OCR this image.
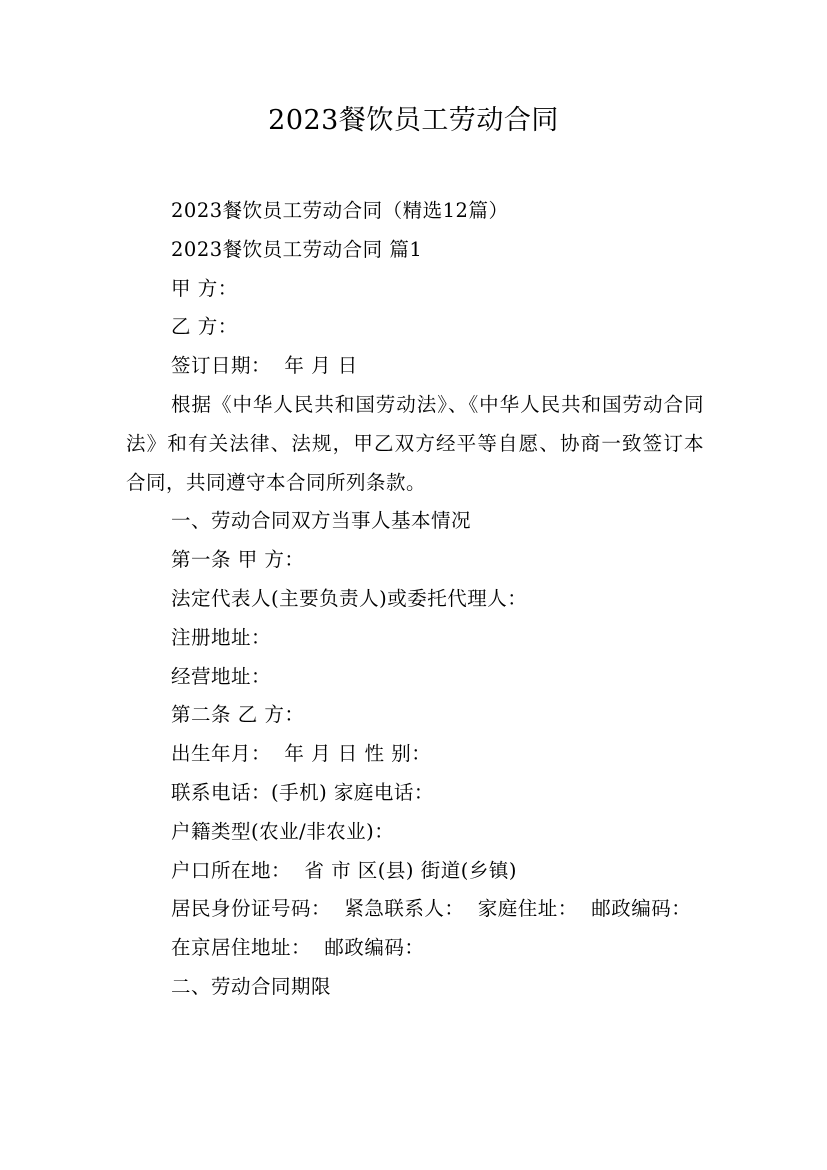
2023餐饮员工劳动合同

2023餐饮员工劳动合同（精选12篇）

2023餐饮员工劳动合同 篇1

甲 方：

乙 方：

签订日期：  年 月 日

根据《中华人民共和国劳动法》、《中华人民共和国劳动合同法》和有关法律、法规，甲乙双方经平等自愿、协商一致签订本合同，共同遵守本合同所列条款。

一、劳动合同双方当事人基本情况

第一条 甲 方：

法定代表人(主要负责人)或委托代理人：

注册地址：

经营地址：

第二条 乙 方：

出生年月：  年 月 日 性 别：

联系电话：(手机) 家庭电话：

户籍类型(农业/非农业)：

户口所在地：  省 市 区(县) 街道(乡镇)

居民身份证号码：  紧急联系人：  家庭住址：  邮政编码：

在京居住地址：  邮政编码：

二、劳动合同期限
